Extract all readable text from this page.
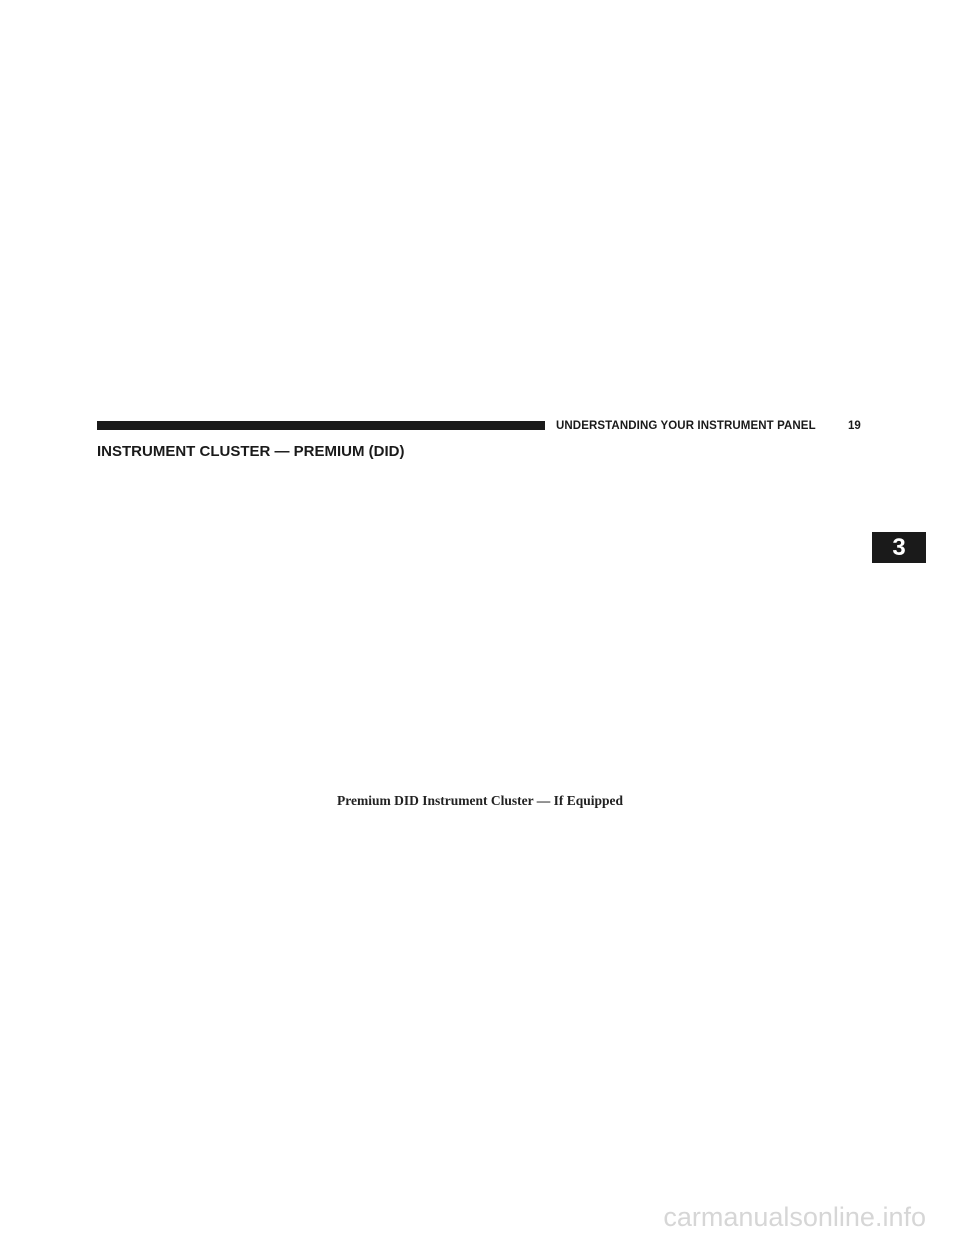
UNDERSTANDING YOUR INSTRUMENT PANEL	19
INSTRUMENT CLUSTER — PREMIUM (DID)
3
Premium DID Instrument Cluster — If Equipped
carmanualsonline.info
